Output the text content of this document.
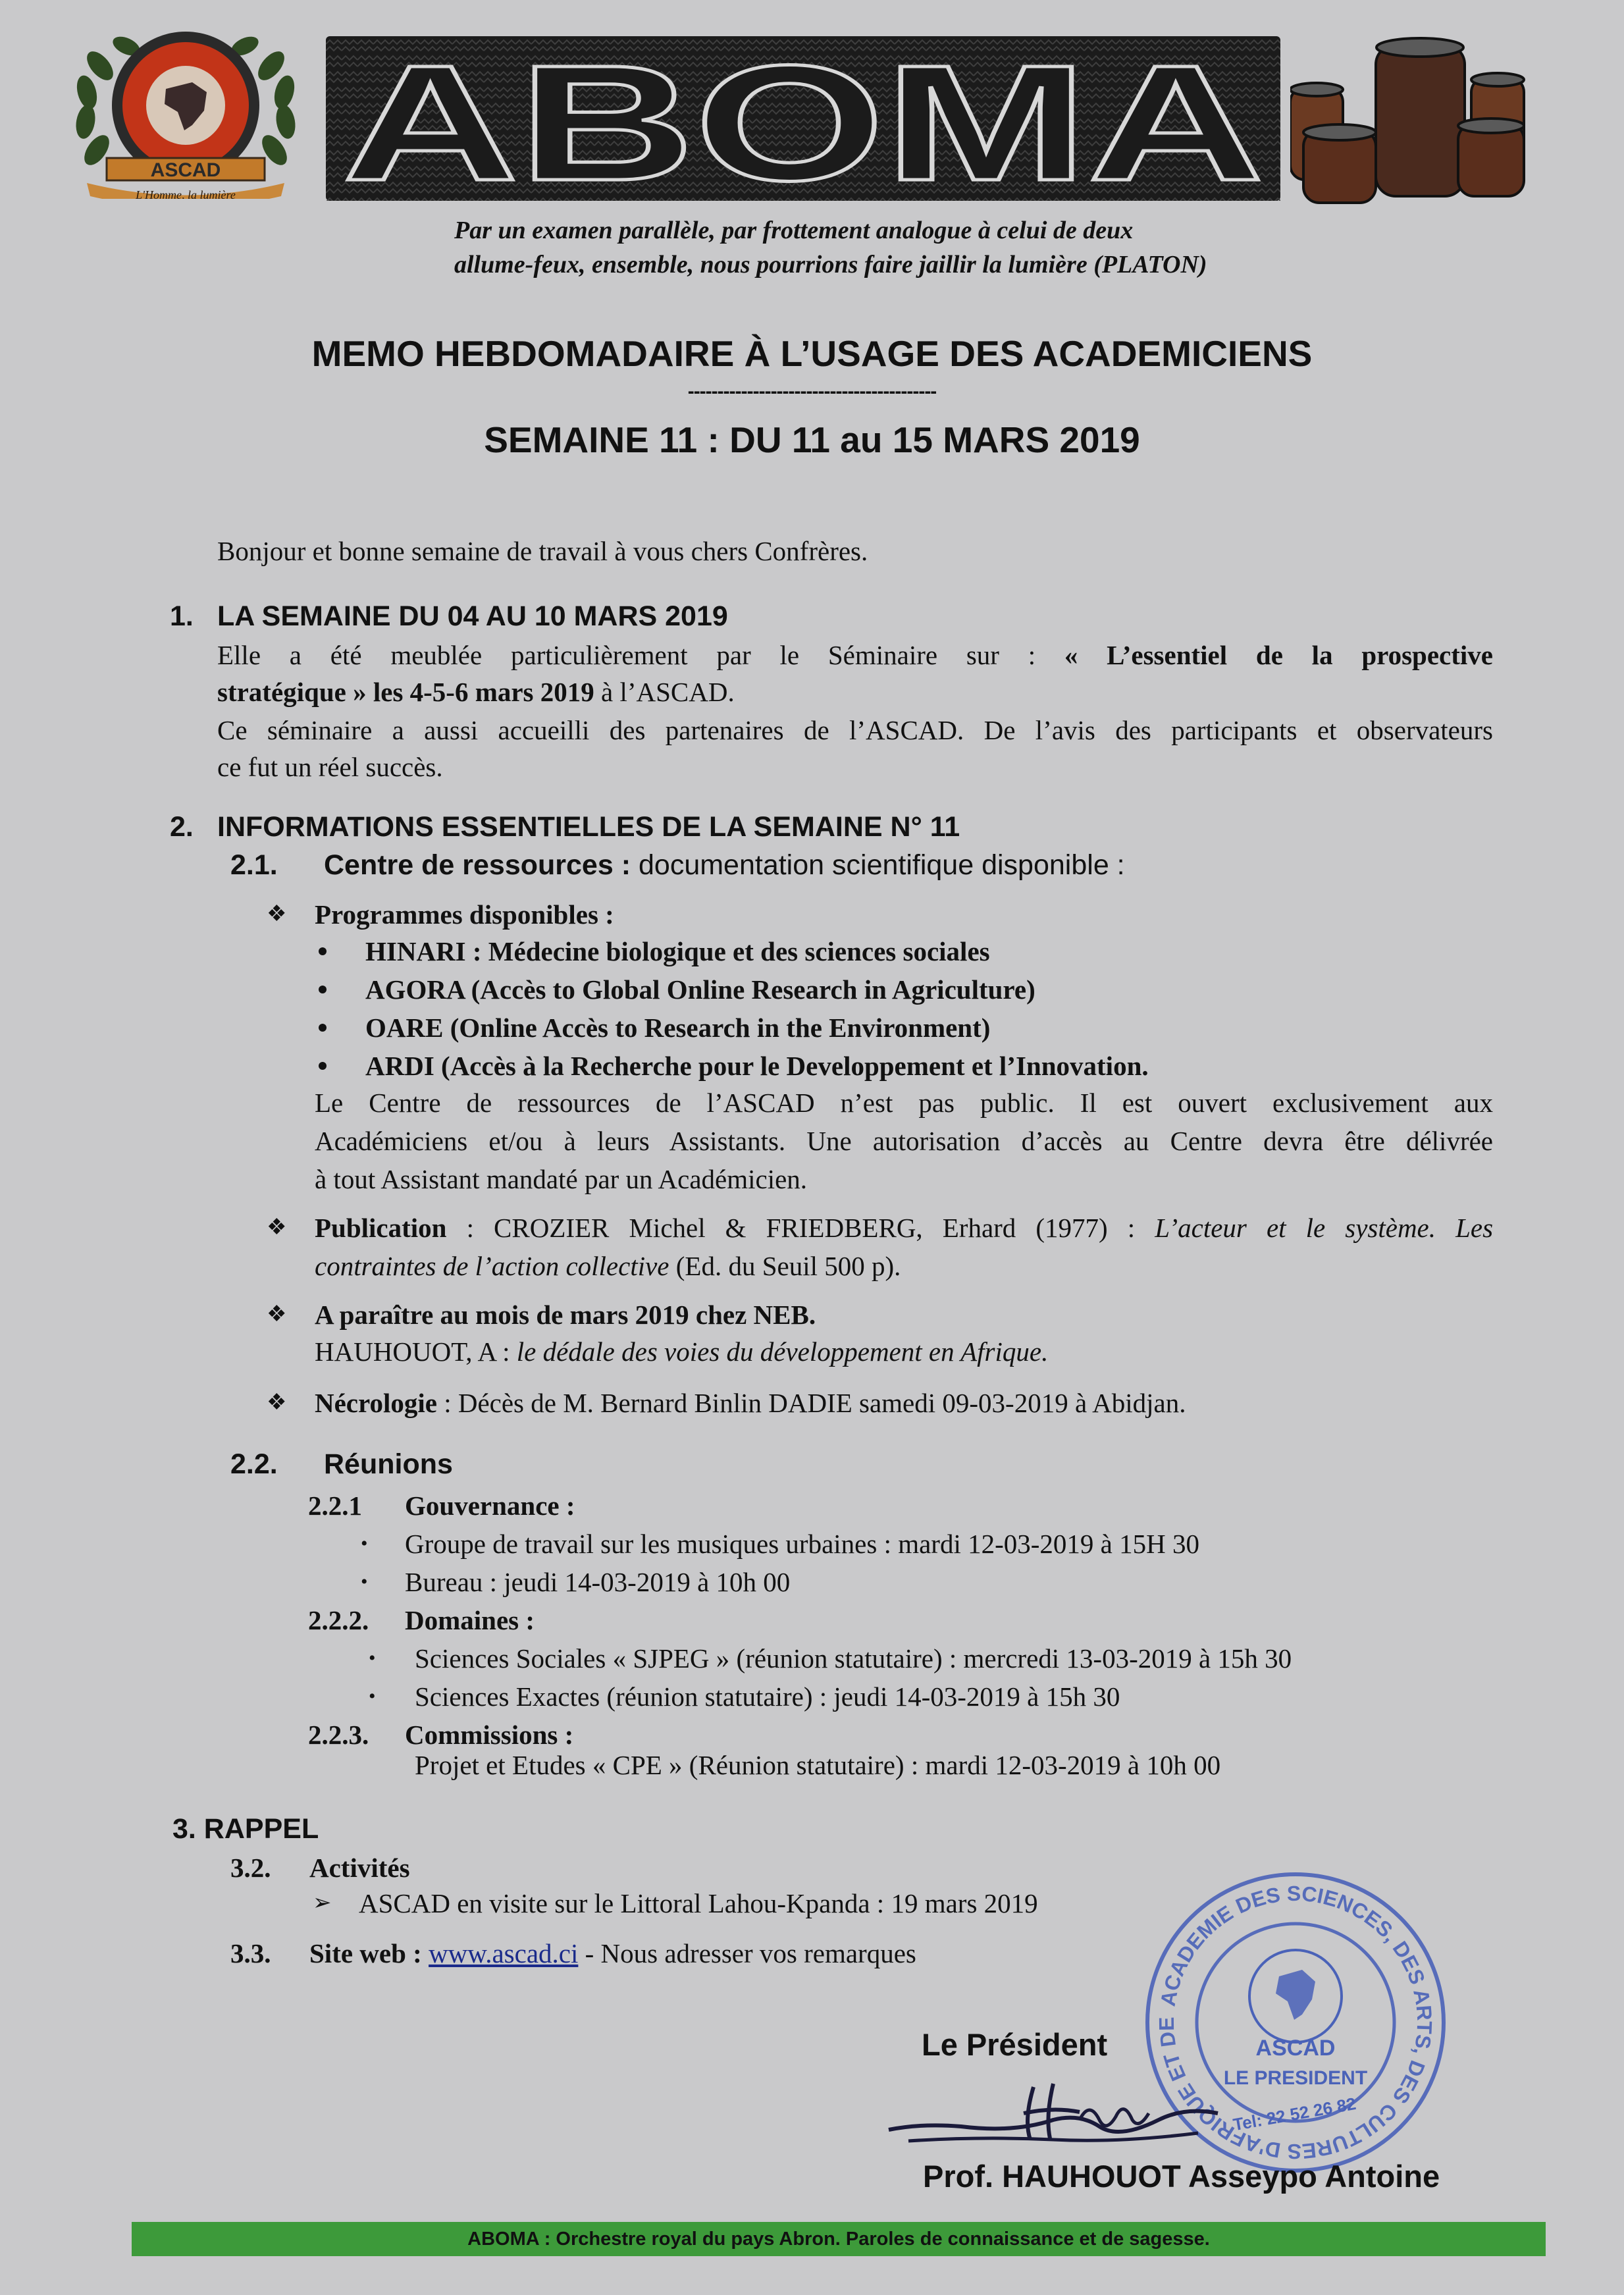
ASCAD
L'Homme, la lumière ABOMA
Par un examen parallèle, par frottement analogue à celui de deux
allume-feux, ensemble, nous pourrions faire jaillir la lumière (PLATON)
MEMO HEBDOMADAIRE À L’USAGE DES ACADEMICIENS
------------------------------------------
SEMAINE 11 : DU 11 au 15 MARS 2019
Bonjour et bonne semaine de travail à vous chers Confrères.
1. LA SEMAINE DU 04 AU 10 MARS 2019
Elle a été meublée particulièrement par le Séminaire sur : « L’essentiel de la prospective
stratégique » les 4-5-6 mars 2019 à l’ASCAD.
Ce séminaire a aussi accueilli des partenaires de l’ASCAD. De l’avis des participants et observateurs
ce fut un réel succès.
2. INFORMATIONS ESSENTIELLES DE LA SEMAINE N° 11
2.1. Centre de ressources : documentation scientifique disponible :
❖ Programmes disponibles :
HINARI : Médecine biologique et des sciences sociales
AGORA (Accès to Global Online Research in Agriculture)
OARE (Online Accès to Research in the Environment)
ARDI (Accès à la Recherche pour le Developpement et l’Innovation.
Le Centre de ressources de l’ASCAD n’est pas public. Il est ouvert exclusivement aux
Académiciens et/ou à leurs Assistants. Une autorisation d’accès au Centre devra être délivrée
à tout Assistant mandaté par un Académicien.
❖ Publication : CROZIER Michel & FRIEDBERG, Erhard (1977) : L’acteur et le système. Les
contraintes de l’action collective (Ed. du Seuil 500 p).
❖ A paraître au mois de mars 2019 chez NEB.
HAUHOUOT, A : le dédale des voies du développement en Afrique.
❖ Nécrologie : Décès de M. Bernard Binlin DADIE samedi 09-03-2019 à Abidjan.
2.2. Réunions
2.2.1 Gouvernance :
• Groupe de travail sur les musiques urbaines : mardi 12-03-2019 à 15H 30
• Bureau : jeudi 14-03-2019 à 10h 00
2.2.2. Domaines :
• Sciences Sociales « SJPEG » (réunion statutaire) : mercredi 13-03-2019 à 15h 30
• Sciences Exactes (réunion statutaire) : jeudi 14-03-2019 à 15h 30
2.2.3. Commissions :
Projet et Etudes « CPE » (Réunion statutaire) : mardi 12-03-2019 à 10h 00
3. RAPPEL
3.2. Activités
➢ ASCAD en visite sur le Littoral Lahou-Kpanda : 19 mars 2019
3.3. Site web : www.ascad.ci - Nous adresser vos remarques
ACADEMIE DES SCIENCES, DES ARTS, DES CULTURES D'AFRIQUE ET DE
ASCAD
LE PRESIDENT
Tel: 22 52 26 82
Le Président
Prof. HAUHOUOT Asseypo Antoine
ABOMA : Orchestre royal du pays Abron. Paroles de connaissance et de sagesse.
